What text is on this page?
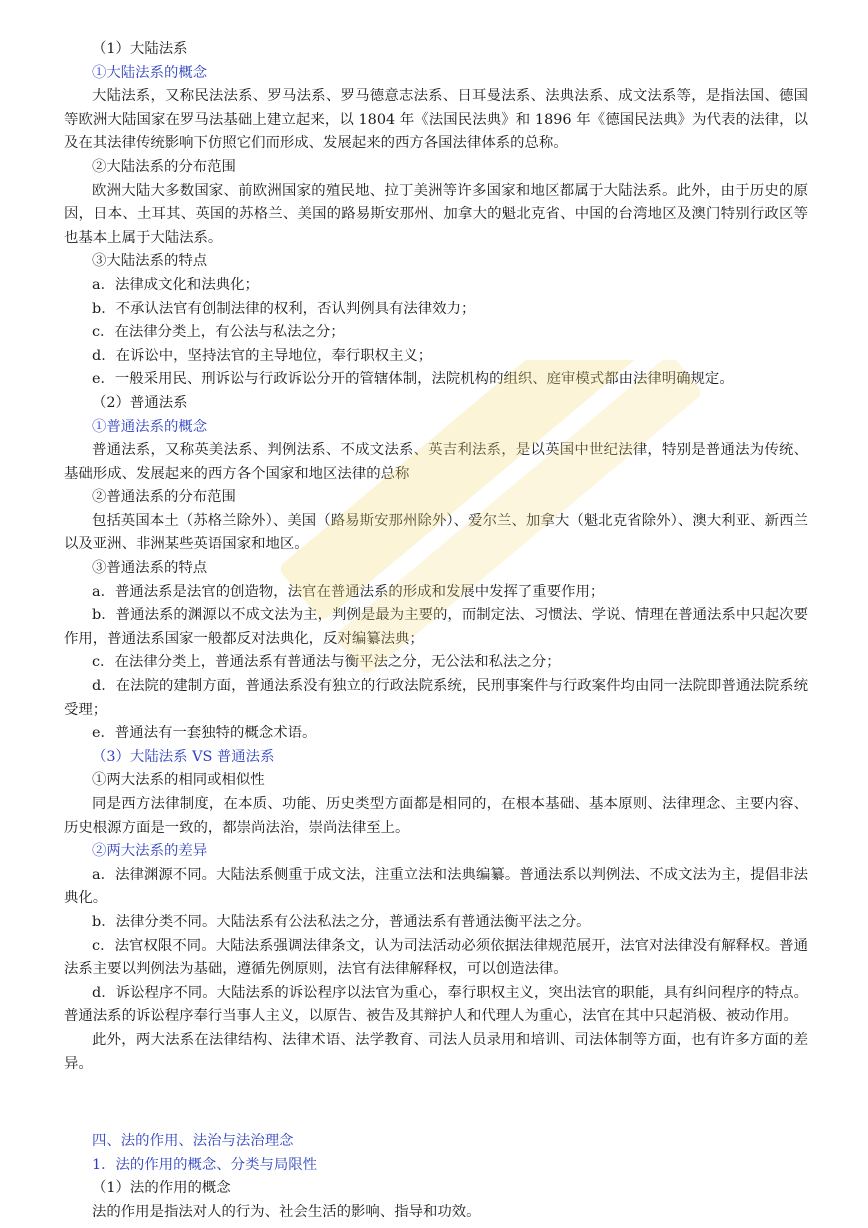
（1）大陆法系

①大陆法系的概念

大陆法系，又称民法法系、罗马法系、罗马德意志法系、日耳曼法系、法典法系、成文法系等，是指法国、德国等欧洲大陆国家在罗马法基础上建立起来，以 1804 年《法国民法典》和 1896 年《德国民法典》为代表的法律，以及在其法律传统影响下仿照它们而形成、发展起来的西方各国法律体系的总称。

②大陆法系的分布范围

欧洲大陆大多数国家、前欧洲国家的殖民地、拉丁美洲等许多国家和地区都属于大陆法系。此外，由于历史的原因，日本、土耳其、英国的苏格兰、美国的路易斯安那州、加拿大的魁北克省、中国的台湾地区及澳门特别行政区等也基本上属于大陆法系。

③大陆法系的特点

a．法律成文化和法典化；

b．不承认法官有创制法律的权利，否认判例具有法律效力；

c．在法律分类上，有公法与私法之分；

d．在诉讼中，坚持法官的主导地位，奉行职权主义；

e．一般采用民、刑诉讼与行政诉讼分开的管辖体制，法院机构的组织、庭审模式都由法律明确规定。

（2）普通法系

①普通法系的概念

普通法系，又称英美法系、判例法系、不成文法系、英吉利法系，是以英国中世纪法律，特别是普通法为传统、基础形成、发展起来的西方各个国家和地区法律的总称

②普通法系的分布范围

包括英国本土（苏格兰除外）、美国（路易斯安那州除外）、爱尔兰、加拿大（魁北克省除外）、澳大利亚、新西兰以及亚洲、非洲某些英语国家和地区。

③普通法系的特点

a．普通法系是法官的创造物，法官在普通法系的形成和发展中发挥了重要作用；

b．普通法系的渊源以不成文法为主，判例是最为主要的，而制定法、习惯法、学说、情理在普通法系中只起次要作用，普通法系国家一般都反对法典化，反对编纂法典；

c．在法律分类上，普通法系有普通法与衡平法之分，无公法和私法之分；

d．在法院的建制方面，普通法系没有独立的行政法院系统，民刑事案件与行政案件均由同一法院即普通法院系统受理；

e．普通法有一套独特的概念术语。

（3）大陆法系 VS 普通法系

①两大法系的相同或相似性

同是西方法律制度，在本质、功能、历史类型方面都是相同的，在根本基础、基本原则、法律理念、主要内容、历史根源方面是一致的，都崇尚法治，崇尚法律至上。

②两大法系的差异

a．法律渊源不同。大陆法系侧重于成文法，注重立法和法典编纂。普通法系以判例法、不成文法为主，提倡非法典化。

b．法律分类不同。大陆法系有公法私法之分，普通法系有普通法衡平法之分。

c．法官权限不同。大陆法系强调法律条文，认为司法活动必须依据法律规范展开，法官对法律没有解释权。普通法系主要以判例法为基础，遵循先例原则，法官有法律解释权，可以创造法律。

d．诉讼程序不同。大陆法系的诉讼程序以法官为重心，奉行职权主义，突出法官的职能，具有纠问程序的特点。普通法系的诉讼程序奉行当事人主义，以原告、被告及其辩护人和代理人为重心，法官在其中只起消极、被动作用。

此外，两大法系在法律结构、法律术语、法学教育、司法人员录用和培训、司法体制等方面，也有许多方面的差异。

四、法的作用、法治与法治理念

1．法的作用的概念、分类与局限性

（1）法的作用的概念

法的作用是指法对人的行为、社会生活的影响、指导和功效。
